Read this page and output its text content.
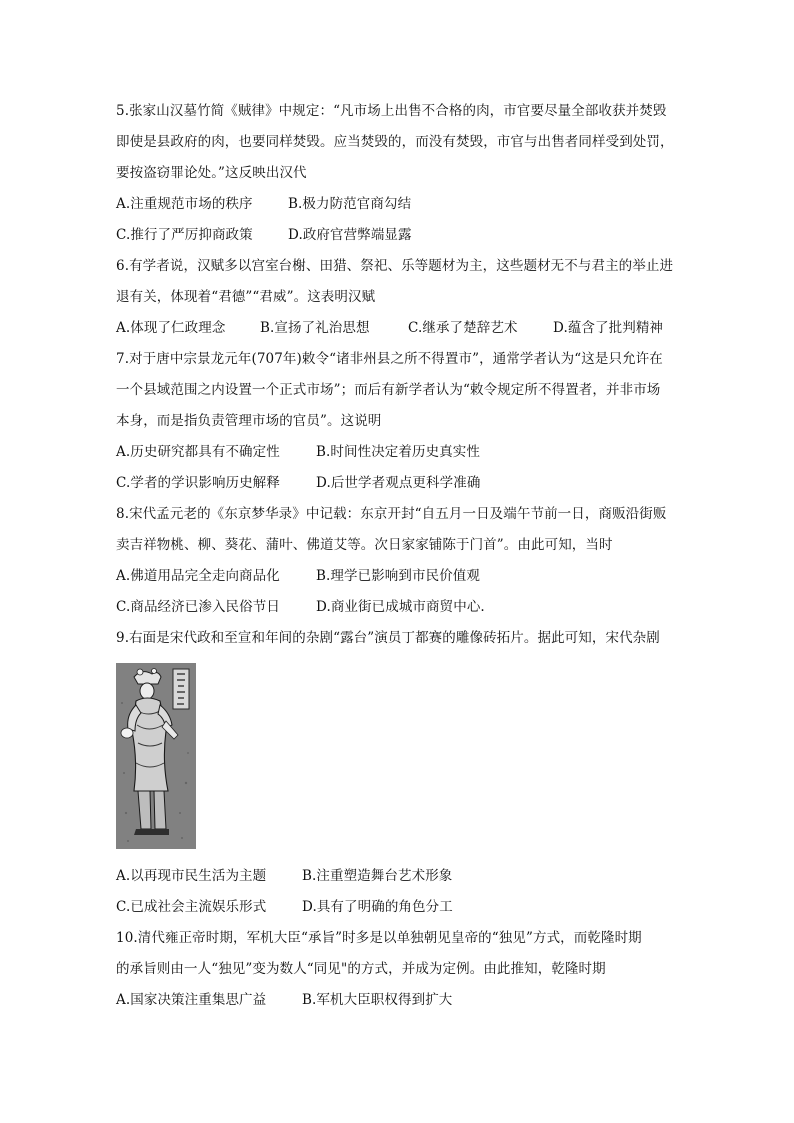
5.张家山汉墓竹简《贼律》中规定：“凡市场上出售不合格的肉，市官要尽量全部收获并焚毁
即使是县政府的肉，也要同样焚毁。应当焚毁的，而没有焚毁，市官与出售者同样受到处罚，
要按盗窃罪论处。”这反映出汉代
A.注重规范市场的秩序	B.极力防范官商勾结
C.推行了严厉抑商政策	D.政府官营弊端显露
6.有学者说，汉赋多以宫室台榭、田猎、祭祀、乐等题材为主，这些题材无不与君主的举止进
退有关，体现着“君德”“君威”。这表明汉赋
A.体现了仁政理念	B.宣扬了礼治思想	C.继承了楚辞艺术	D.蕴含了批判精神
7.对于唐中宗景龙元年(707年)敕令“诸非州县之所不得置市”，通常学者认为“这是只允许在
一个县域范围之内设置一个正式市场”；而后有新学者认为“敕令规定所不得置者，并非市场
本身，而是指负责管理市场的官员”。这说明
A.历史研究都具有不确定性	B.时间性决定着历史真实性
C.学者的学识影响历史解释	D.后世学者观点更科学准确
8.宋代孟元老的《东京梦华录》中记载：东京开封“自五月一日及端午节前一日，商贩沿街贩
卖吉祥物桃、柳、葵花、蒲叶、佛道艾等。次日家家铺陈于门首”。由此可知，当时
A.佛道用品完全走向商品化	B.理学已影响到市民价值观
C.商品经济已渗入民俗节日	D.商业街已成城市商贸中心.
9.右面是宋代政和至宣和年间的杂剧“露台”演员丁都赛的雕像砖拓片。据此可知，宋代杂剧
A.以再现市民生活为主题	B.注重塑造舞台艺术形象
C.已成社会主流娱乐形式	D.具有了明确的角色分工
10.清代雍正帝时期，军机大臣“承旨”时多是以单独朝见皇帝的“独见”方式，而乾隆时期
的承旨则由一人“独见”变为数人“同见"的方式，并成为定例。由此推知，乾隆时期
A.国家决策注重集思广益	B.军机大臣职权得到扩大
